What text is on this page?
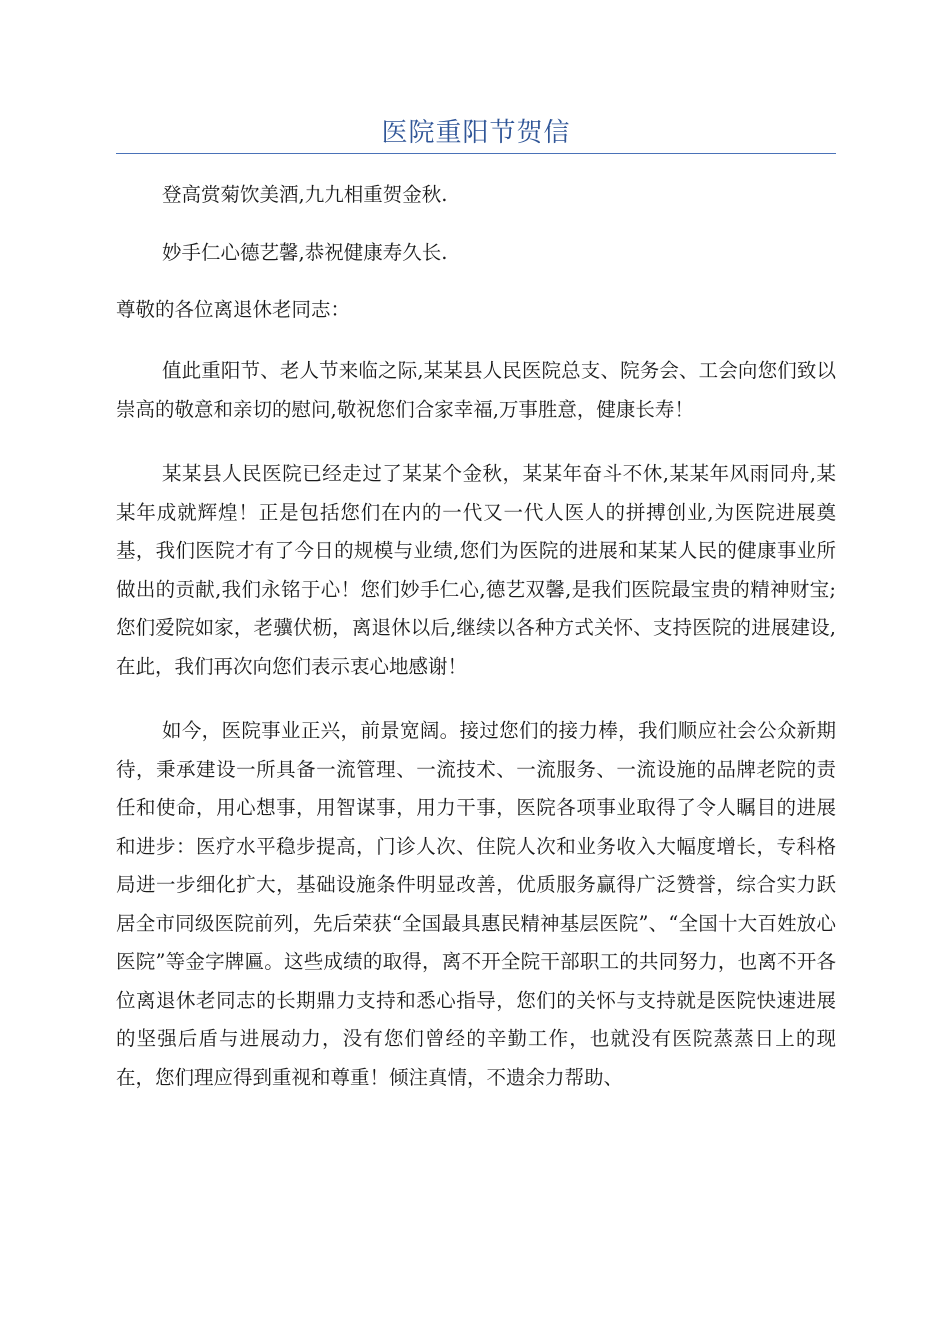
医院重阳节贺信
登高赏菊饮美酒,九九相重贺金秋.
妙手仁心德艺馨,恭祝健康寿久长.
尊敬的各位离退休老同志：
值此重阳节、老人节来临之际,某某县人民医院总支、院务会、工会向您们致以崇高的敬意和亲切的慰问,敬祝您们合家幸福,万事胜意，健康长寿！
某某县人民医院已经走过了某某个金秋，某某年奋斗不休,某某年风雨同舟,某某年成就辉煌！正是包括您们在内的一代又一代人医人的拼搏创业,为医院进展奠基，我们医院才有了今日的规模与业绩,您们为医院的进展和某某人民的健康事业所做出的贡献,我们永铭于心！您们妙手仁心,德艺双馨,是我们医院最宝贵的精神财宝;您们爱院如家，老骥伏枥，离退休以后,继续以各种方式关怀、支持医院的进展建设,在此，我们再次向您们表示衷心地感谢！
如今，医院事业正兴，前景宽阔。接过您们的接力棒，我们顺应社会公众新期待，秉承建设一所具备一流管理、一流技术、一流服务、一流设施的品牌老院的责任和使命，用心想事，用智谋事，用力干事，医院各项事业取得了令人瞩目的进展和进步：医疗水平稳步提高，门诊人次、住院人次和业务收入大幅度增长，专科格局进一步细化扩大，基础设施条件明显改善，优质服务赢得广泛赞誉，综合实力跃居全市同级医院前列，先后荣获“全国最具惠民精神基层医院”、“全国十大百姓放心医院”等金字牌匾。这些成绩的取得，离不开全院干部职工的共同努力，也离不开各位离退休老同志的长期鼎力支持和悉心指导，您们的关怀与支持就是医院快速进展的坚强后盾与进展动力，没有您们曾经的辛勤工作，也就没有医院蒸蒸日上的现在，您们理应得到重视和尊重！倾注真情，不遗余力帮助、
